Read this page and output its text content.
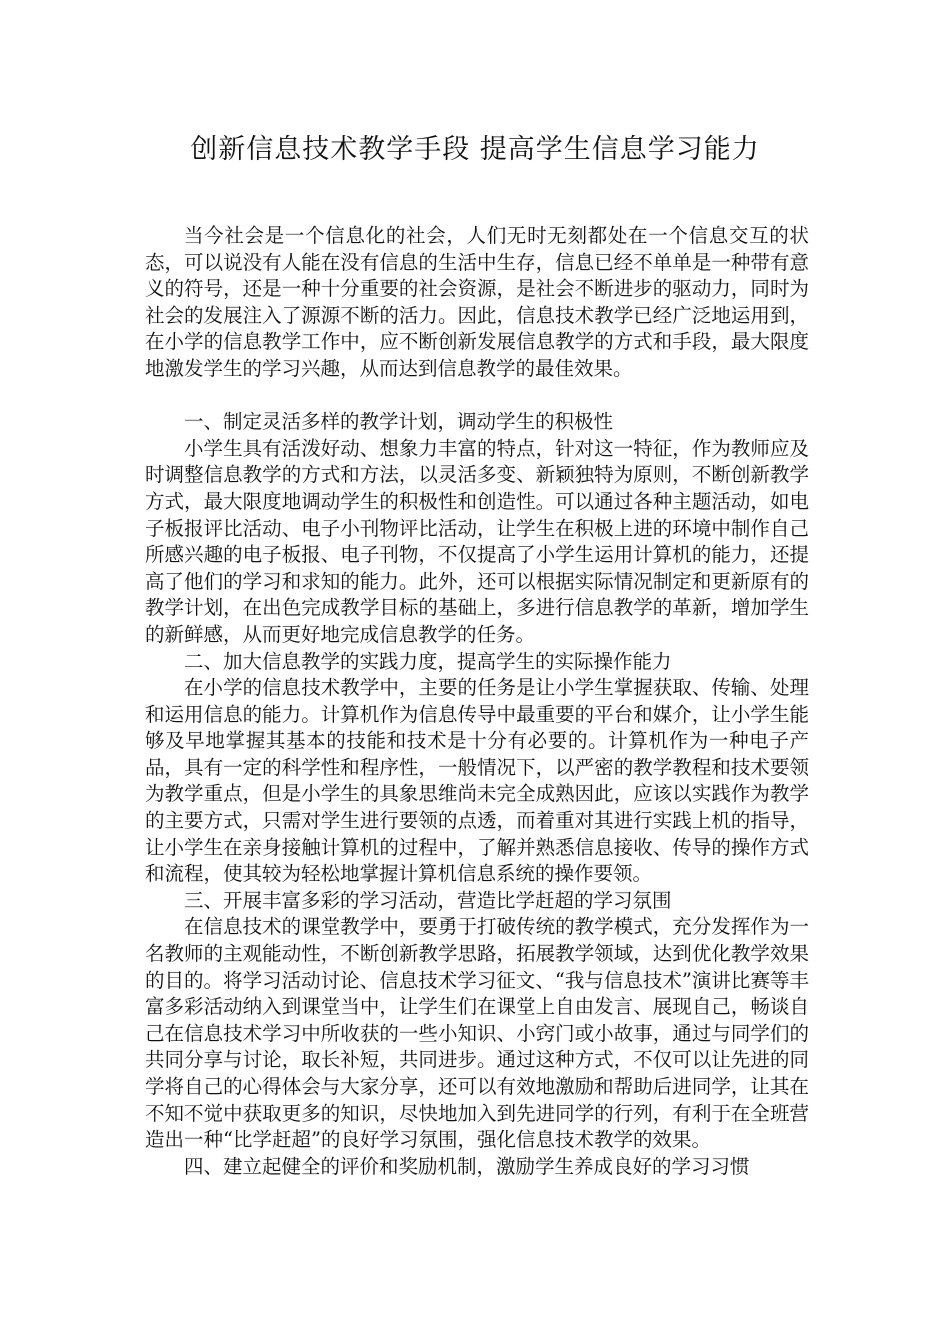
创新信息技术教学手段 提高学生信息学习能力

当今社会是一个信息化的社会，人们无时无刻都处在一个信息交互的状态，可以说没有人能在没有信息的生活中生存，信息已经不单单是一种带有意义的符号，还是一种十分重要的社会资源，是社会不断进步的驱动力，同时为社会的发展注入了源源不断的活力。因此，信息技术教学已经广泛地运用到，在小学的信息教学工作中，应不断创新发展信息教学的方式和手段，最大限度地激发学生的学习兴趣，从而达到信息教学的最佳效果。

一、制定灵活多样的教学计划，调动学生的积极性

小学生具有活泼好动、想象力丰富的特点，针对这一特征，作为教师应及时调整信息教学的方式和方法，以灵活多变、新颖独特为原则，不断创新教学方式，最大限度地调动学生的积极性和创造性。可以通过各种主题活动，如电子板报评比活动、电子小刊物评比活动，让学生在积极上进的环境中制作自己所感兴趣的电子板报、电子刊物，不仅提高了小学生运用计算机的能力，还提高了他们的学习和求知的能力。此外，还可以根据实际情况制定和更新原有的教学计划，在出色完成教学目标的基础上，多进行信息教学的革新，增加学生的新鲜感，从而更好地完成信息教学的任务。

二、加大信息教学的实践力度，提高学生的实际操作能力

在小学的信息技术教学中，主要的任务是让小学生掌握获取、传输、处理和运用信息的能力。计算机作为信息传导中最重要的平台和媒介，让小学生能够及早地掌握其基本的技能和技术是十分有必要的。计算机作为一种电子产品，具有一定的科学性和程序性，一般情况下，以严密的教学教程和技术要领为教学重点，但是小学生的具象思维尚未完全成熟因此，应该以实践作为教学的主要方式，只需对学生进行要领的点透，而着重对其进行实践上机的指导，让小学生在亲身接触计算机的过程中，了解并熟悉信息接收、传导的操作方式和流程，使其较为轻松地掌握计算机信息系统的操作要领。

三、开展丰富多彩的学习活动，营造比学赶超的学习氛围

在信息技术的课堂教学中，要勇于打破传统的教学模式，充分发挥作为一名教师的主观能动性，不断创新教学思路，拓展教学领域，达到优化教学效果的目的。将学习活动讨论、信息技术学习征文、“我与信息技术”演讲比赛等丰富多彩活动纳入到课堂当中，让学生们在课堂上自由发言、展现自己，畅谈自己在信息技术学习中所收获的一些小知识、小窍门或小故事，通过与同学们的共同分享与讨论，取长补短，共同进步。通过这种方式，不仅可以让先进的同学将自己的心得体会与大家分享，还可以有效地激励和帮助后进同学，让其在不知不觉中获取更多的知识，尽快地加入到先进同学的行列，有利于在全班营造出一种“比学赶超”的良好学习氛围，强化信息技术教学的效果。

四、建立起健全的评价和奖励机制，激励学生养成良好的学习习惯
